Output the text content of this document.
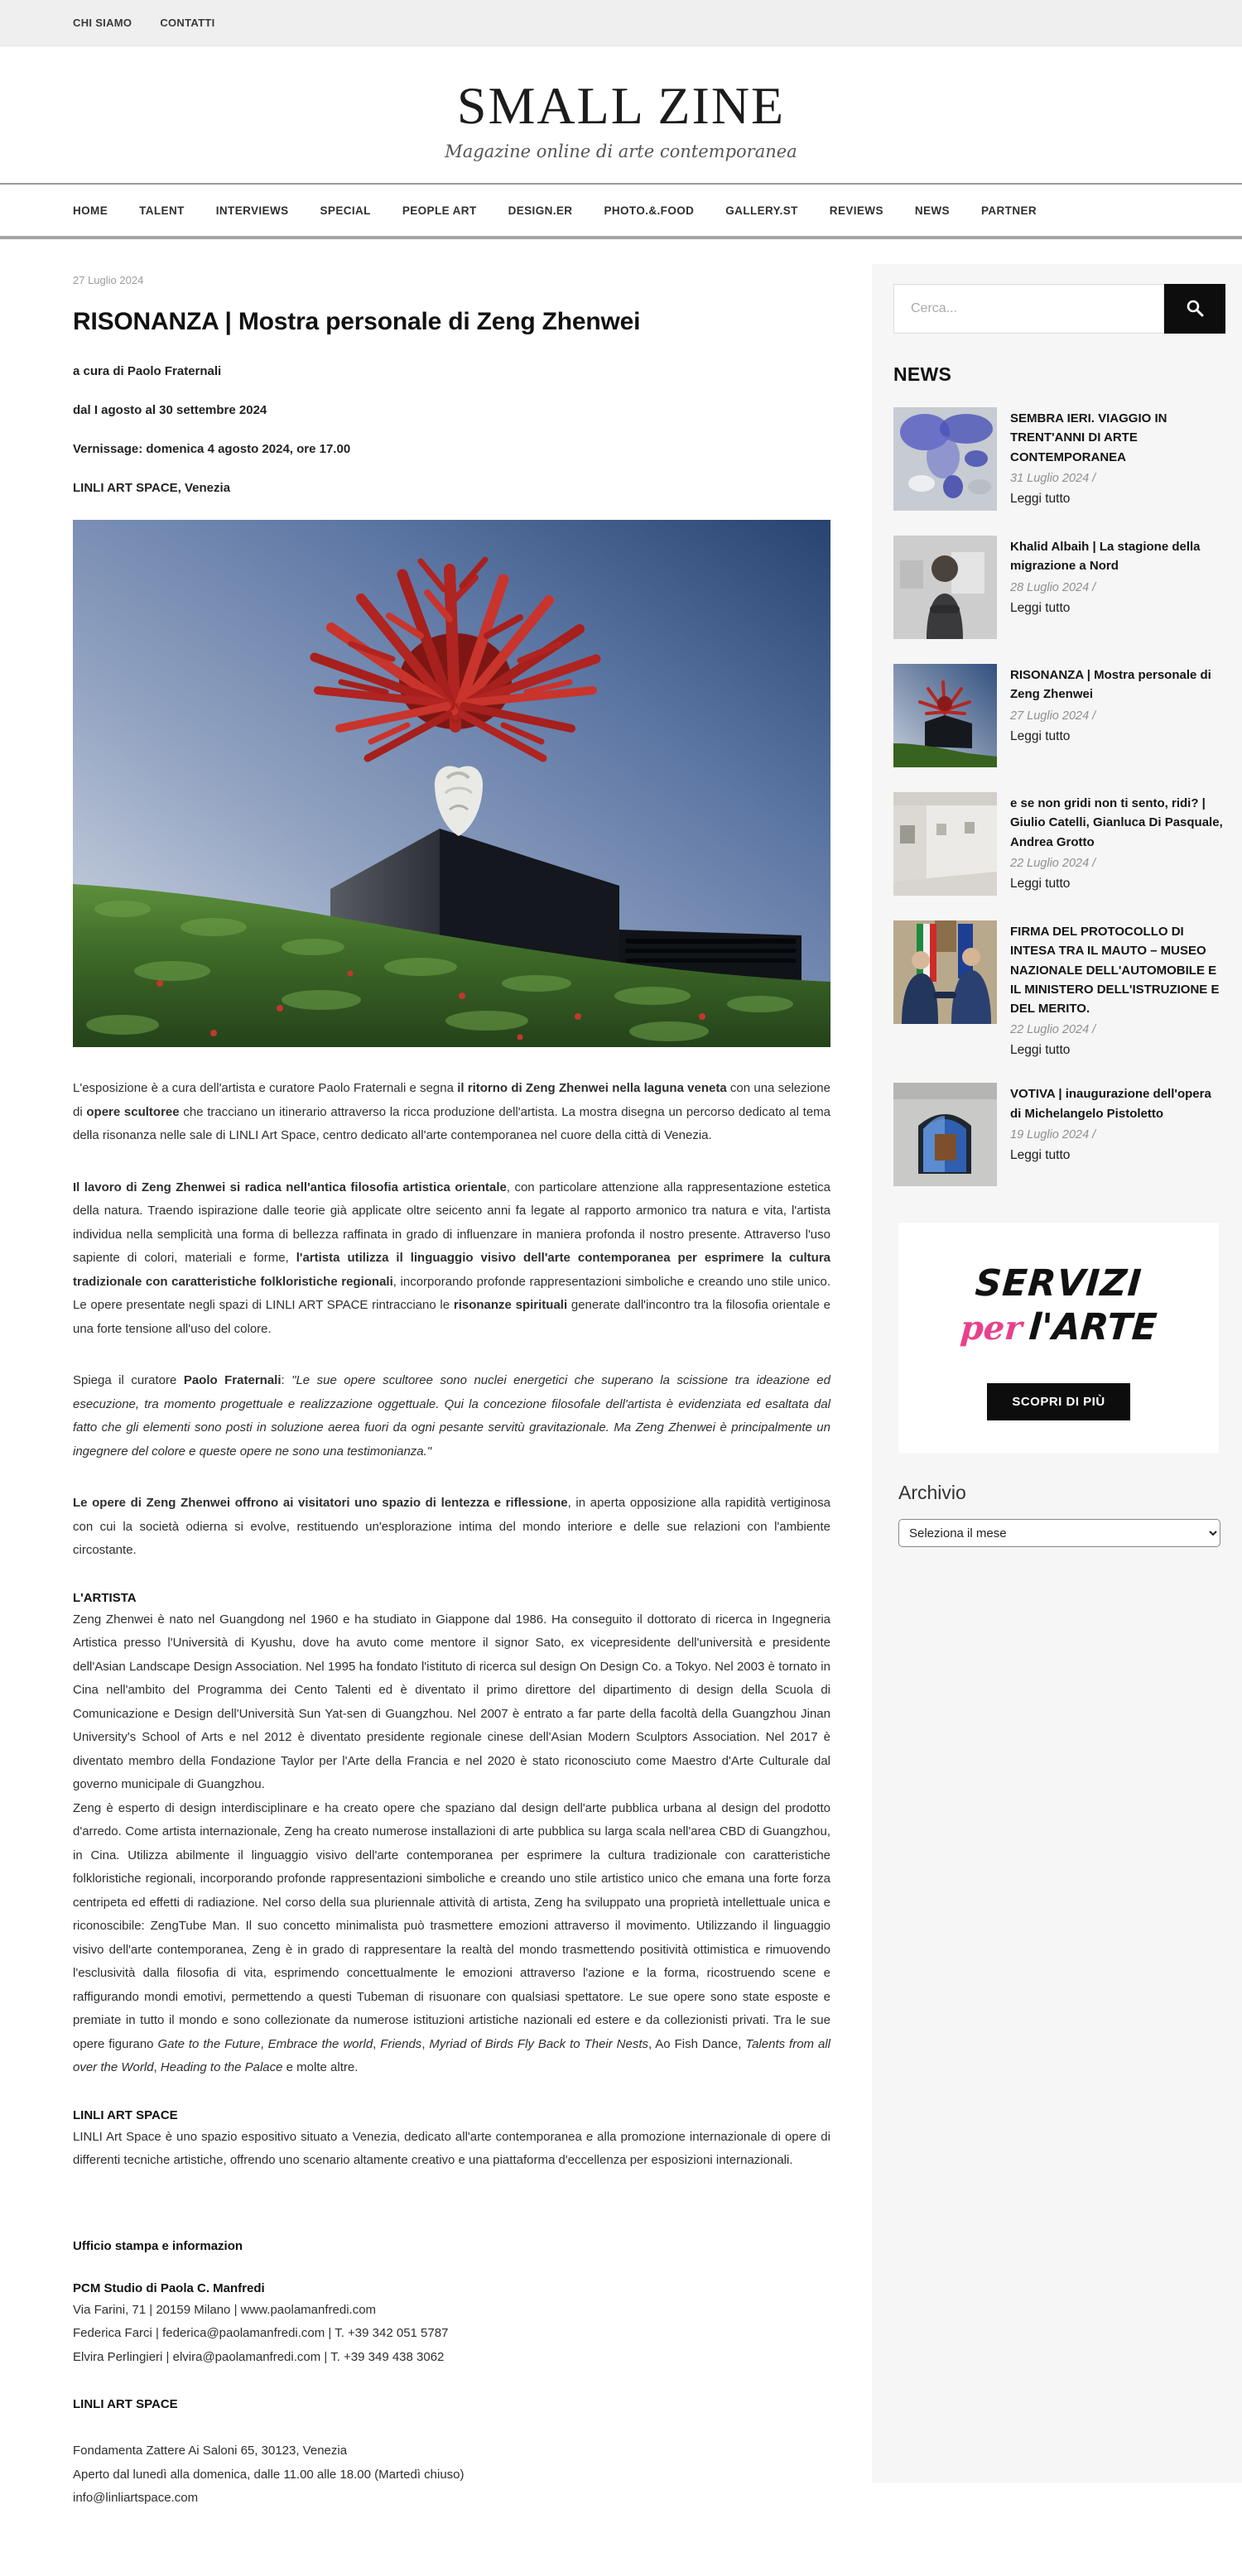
CHI SIAMO	CONTATTI
SMALL ZINE
Magazine online di arte contemporanea
HOME	TALENT	INTERVIEWS	SPECIAL	PEOPLE ART	DESIGN.ER	PHOTO.&.FOOD	GALLERY.ST	REVIEWS	NEWS	PARTNER
27 Luglio 2024
RISONANZA | Mostra personale di Zeng Zhenwei
a cura di Paolo Fraternali
dal I agosto al 30 settembre 2024
Vernissage: domenica 4 agosto 2024, ore 17.00
LINLI ART SPACE, Venezia

L'esposizione è a cura dell'artista e curatore Paolo Fraternali e segna il ritorno di Zeng Zhenwei nella laguna veneta con una selezione di opere scultoree che tracciano un itinerario attraverso la ricca produzione dell'artista. La mostra disegna un percorso dedicato al tema della risonanza nelle sale di LINLI Art Space, centro dedicato all'arte contemporanea nel cuore della città di Venezia.

Il lavoro di Zeng Zhenwei si radica nell'antica filosofia artistica orientale, con particolare attenzione alla rappresentazione estetica della natura. Traendo ispirazione dalle teorie già applicate oltre seicento anni fa legate al rapporto armonico tra natura e vita, l'artista individua nella semplicità una forma di bellezza raffinata in grado di influenzare in maniera profonda il nostro presente. Attraverso l'uso sapiente di colori, materiali e forme, l'artista utilizza il linguaggio visivo dell'arte contemporanea per esprimere la cultura tradizionale con caratteristiche folkloristiche regionali, incorporando profonde rappresentazioni simboliche e creando uno stile unico. Le opere presentate negli spazi di LINLI ART SPACE rintracciano le risonanze spirituali generate dall'incontro tra la filosofia orientale e una forte tensione all'uso del colore.

Spiega il curatore Paolo Fraternali: "Le sue opere scultoree sono nuclei energetici che superano la scissione tra ideazione ed esecuzione, tra momento progettuale e realizzazione oggettuale. Qui la concezione filosofale dell'artista è evidenziata ed esaltata dal fatto che gli elementi sono posti in soluzione aerea fuori da ogni pesante servitù gravitazionale. Ma Zeng Zhenwei è principalmente un ingegnere del colore e queste opere ne sono una testimonianza."

Le opere di Zeng Zhenwei offrono ai visitatori uno spazio di lentezza e riflessione, in aperta opposizione alla rapidità vertiginosa con cui la società odierna si evolve, restituendo un'esplorazione intima del mondo interiore e delle sue relazioni con l'ambiente circostante.

L'ARTISTA

Zeng Zhenwei è nato nel Guangdong nel 1960 e ha studiato in Giappone dal 1986. Ha conseguito il dottorato di ricerca in Ingegneria Artistica presso l'Università di Kyushu, dove ha avuto come mentore il signor Sato, ex vicepresidente dell'università e presidente dell'Asian Landscape Design Association. Nel 1995 ha fondato l'istituto di ricerca sul design On Design Co. a Tokyo. Nel 2003 è tornato in Cina nell'ambito del Programma dei Cento Talenti ed è diventato il primo direttore del dipartimento di design della Scuola di Comunicazione e Design dell'Università Sun Yat-sen di Guangzhou. Nel 2007 è entrato a far parte della facoltà della Guangzhou Jinan University's School of Arts e nel 2012 è diventato presidente regionale cinese dell'Asian Modern Sculptors Association. Nel 2017 è diventato membro della Fondazione Taylor per l'Arte della Francia e nel 2020 è stato riconosciuto come Maestro d'Arte Culturale dal governo municipale di Guangzhou.

Zeng è esperto di design interdisciplinare e ha creato opere che spaziano dal design dell'arte pubblica urbana al design del prodotto d'arredo. Come artista internazionale, Zeng ha creato numerose installazioni di arte pubblica su larga scala nell'area CBD di Guangzhou, in Cina. Utilizza abilmente il linguaggio visivo dell'arte contemporanea per esprimere la cultura tradizionale con caratteristiche folkloristiche regionali, incorporando profonde rappresentazioni simboliche e creando uno stile artistico unico che emana una forte forza centripeta ed effetti di radiazione. Nel corso della sua pluriennale attività di artista, Zeng ha sviluppato una proprietà intellettuale unica e riconoscibile: ZengTube Man. Il suo concetto minimalista può trasmettere emozioni attraverso il movimento. Utilizzando il linguaggio visivo dell'arte contemporanea, Zeng è in grado di rappresentare la realtà del mondo trasmettendo positività ottimistica e rimuovendo l'esclusività dalla filosofia di vita, esprimendo concettualmente le emozioni attraverso l'azione e la forma, ricostruendo scene e raffigurando mondi emotivi, permettendo a questi Tubeman di risuonare con qualsiasi spettatore. Le sue opere sono state esposte e premiate in tutto il mondo e sono collezionate da numerose istituzioni artistiche nazionali ed estere e da collezionisti privati. Tra le sue opere figurano Gate to the Future, Embrace the world, Friends, Myriad of Birds Fly Back to Their Nests, Ao Fish Dance, Talents from all over the World, Heading to the Palace e molte altre.

LINLI ART SPACE

LINLI Art Space è uno spazio espositivo situato a Venezia, dedicato all'arte contemporanea e alla promozione internazionale di opere di differenti tecniche artistiche, offrendo uno scenario altamente creativo e una piattaforma d'eccellenza per esposizioni internazionali.

Ufficio stampa e informazion
PCM Studio di Paola C. Manfredi
Via Farini, 71 | 20159 Milano | www.paolamanfredi.com
Federica Farci | federica@paolamanfredi.com | T. +39 342 051 5787
Elvira Perlingieri | elvira@paolamanfredi.com | T. +39 349 438 3062
LINLI ART SPACE
Fondamenta Zattere Ai Saloni 65, 30123, Venezia
Aperto dal lunedì alla domenica, dalle 11.00 alle 18.00 (Martedì chiuso)
info@linliartspace.com
Cerca...
NEWS
SEMBRA IERI. VIAGGIO IN TRENT'ANNI DI ARTE CONTEMPORANEA
31 Luglio 2024 /
Leggi tutto
Khalid Albaih | La stagione della migrazione a Nord
28 Luglio 2024 /
Leggi tutto
RISONANZA | Mostra personale di Zeng Zhenwei
27 Luglio 2024 /
Leggi tutto
e se non gridi non ti sento, ridi? | Giulio Catelli, Gianluca Di Pasquale, Andrea Grotto
22 Luglio 2024 /
Leggi tutto
FIRMA DEL PROTOCOLLO DI INTESA TRA IL MAUTO – MUSEO NAZIONALE DELL'AUTOMOBILE E IL MINISTERO DELL'ISTRUZIONE E DEL MERITO.
22 Luglio 2024 /
Leggi tutto
VOTIVA | inaugurazione dell'opera di Michelangelo Pistoletto
19 Luglio 2024 /
Leggi tutto
SERVIZI
per l'ARTE
SCOPRI DI PIÙ
Archivio
Seleziona il mese
